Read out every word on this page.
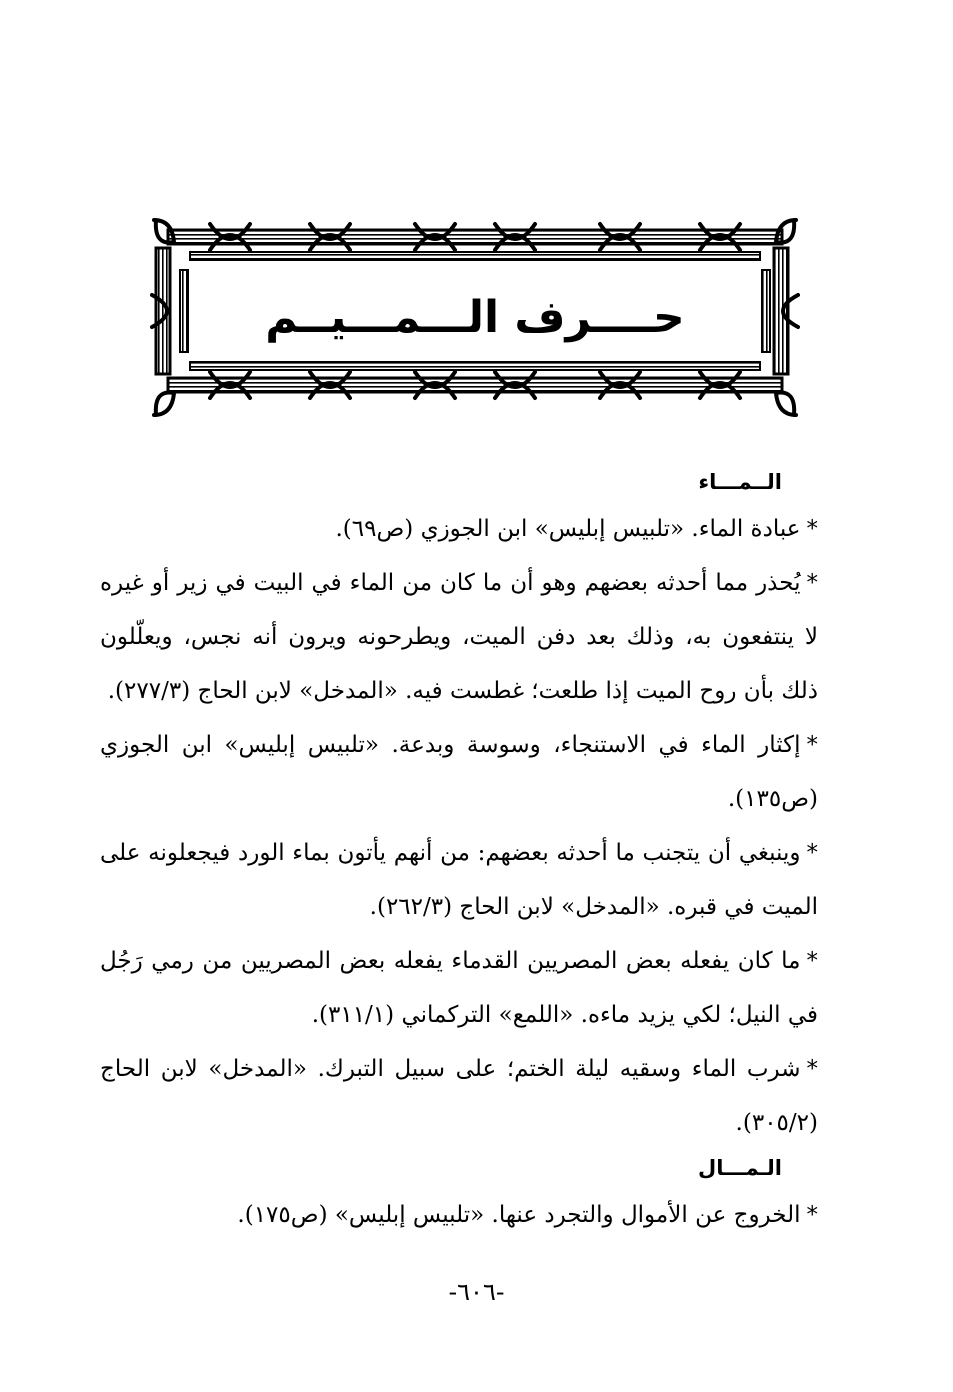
حــــرف الـــمـــيــم
الــمـــاء

*عبادة الماء. «تلبيس إبليس» ابن الجوزي (ص٦٩).

*يُحذر مما أحدثه بعضهم وهو أن ما كان من الماء في البيت في زير أو غيره لا ينتفعون به، وذلك بعد دفن الميت، ويطرحونه ويرون أنه نجس، ويعلّلون ذلك بأن روح الميت إذا طلعت؛ غطست فيه. «المدخل» لابن الحاج (٢٧٧/٣).

*إكثار الماء في الاستنجاء، وسوسة وبدعة. «تلبيس إبليس» ابن الجوزي (ص١٣٥).

*وينبغي أن يتجنب ما أحدثه بعضهم: من أنهم يأتون بماء الورد فيجعلونه على الميت في قبره. «المدخل» لابن الحاج (٢٦٢/٣).

*ما كان يفعله بعض المصريين القدماء يفعله بعض المصريين من رمي رَجُل في النيل؛ لكي يزيد ماءه. «اللمع» التركماني (٣١١/١).

*شرب الماء وسقيه ليلة الختم؛ على سبيل التبرك. «المدخل» لابن الحاج (٣٠٥/٢).

الـمـــال

*الخروج عن الأموال والتجرد عنها. «تلبيس إبليس» (ص١٧٥).

-٦٠٦-
